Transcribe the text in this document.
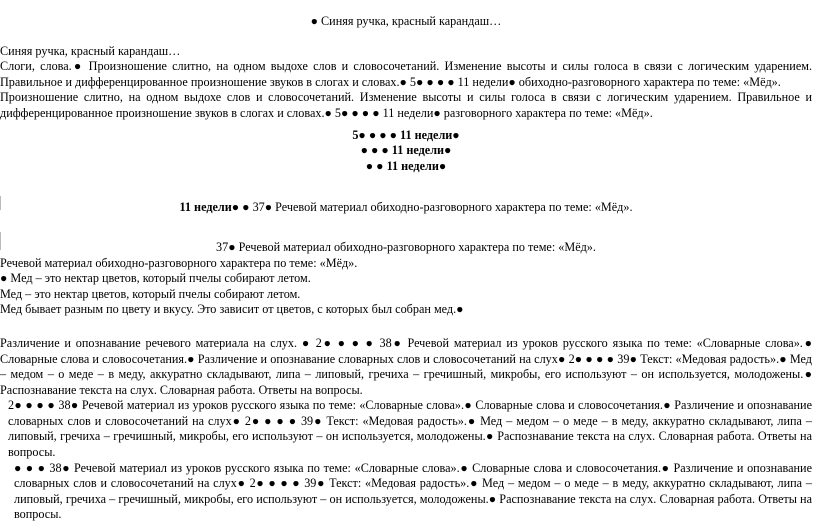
● Синяя ручка, красный карандаш…

Синяя ручка, красный карандаш…

Слоги, слова.● Произношение слитно, на одном выдохе слов и словосочетаний. Изменение высоты и силы голоса в связи с логическим ударением. Правильное и дифференцированное произношение звуков в слогах и словах.● 5● ● ● ● 11 недели● обиходно-разговорного характера по теме: «Мёд».

Произношение слитно, на одном выдохе слов и словосочетаний. Изменение высоты и силы голоса в связи с логическим ударением. Правильное и дифференцированное произношение звуков в слогах и словах.● 5● ● ● ● 11 недели● разговорного характера по теме: «Мёд».

5● ● ● ● 11 недели●

● ● ● 11 недели●

● ● 11 недели●

11 недели● ● 37● Речевой материал обиходно-разговорного характера по теме: «Мёд».

37● Речевой материал обиходно-разговорного характера по теме: «Мёд».

Речевой материал обиходно-разговорного характера по теме: «Мёд».

● Мед – это нектар цветов, который пчелы собирают летом.

Мед – это нектар цветов, который пчелы собирают летом.

Мед бывает разным по цвету и вкусу. Это зависит от цветов, с которых был собран мед.●

Различение и опознавание речевого материала на слух. ● 2● ● ● ● 38● Речевой материал из уроков русского языка по теме: «Словарные слова».● Словарные слова и словосочетания.● Различение и опознавание словарных слов и словосочетаний на слух● 2● ● ● ● 39● Текст: «Медовая радость».● Мед – медом – о меде – в меду, аккуратно складывают, липа – липовый, гречиха – гречишный, микробы, его используют – он используется, молодожены.● Распознавание текста на слух. Словарная работа. Ответы на вопросы.

2● ● ● ● 38● Речевой материал из уроков русского языка по теме: «Словарные слова».● Словарные слова и словосочетания.● Различение и опознавание словарных слов и словосочетаний на слух● 2● ● ● ● 39● Текст: «Медовая радость».● Мед – медом – о меде – в меду, аккуратно складывают, липа – липовый, гречиха – гречишный, микробы, его используют – он используется, молодожены.● Распознавание текста на слух. Словарная работа. Ответы на вопросы.

● ● ● 38● Речевой материал из уроков русского языка по теме: «Словарные слова».● Словарные слова и словосочетания.● Различение и опознавание словарных слов и словосочетаний на слух● 2● ● ● ● 39● Текст: «Медовая радость».● Мед – медом – о меде – в меду, аккуратно складывают, липа – липовый, гречиха – гречишный, микробы, его используют – он используется, молодожены.● Распознавание текста на слух. Словарная работа. Ответы на вопросы.
